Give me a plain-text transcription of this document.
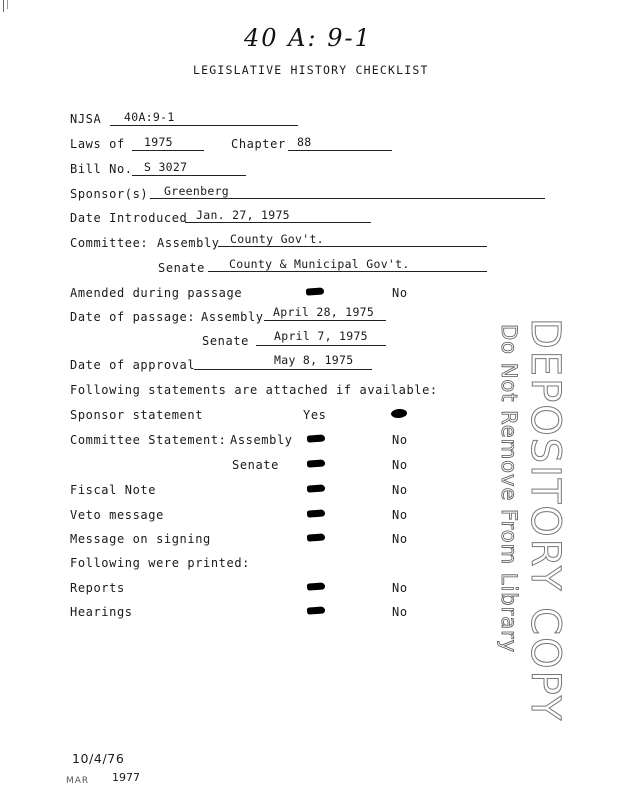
40 A: 9-1
LEGISLATIVE HISTORY CHECKLIST
NJSA 40A:9-1
Laws of 1975	Chapter 88
Bill No. S 3027
Sponsor(s) Greenberg
Date Introduced Jan. 27, 1975
Committee: Assembly County Gov't.
Senate County & Municipal Gov't.
Amended during passage	No
Date of passage: Assembly April 28, 1975
Senate April 7, 1975
Date of approval	May 8, 1975
Following statements are attached if available:
Sponsor statement	Yes
Committee Statement: Assembly	No
Senate	No
Fiscal Note	No
Veto message	No
Message on signing	No
Following were printed:
Reports	No
Hearings	No
10/4/76
MAR 1977
DEPOSITORY COPY
Do Not Remove From Library
